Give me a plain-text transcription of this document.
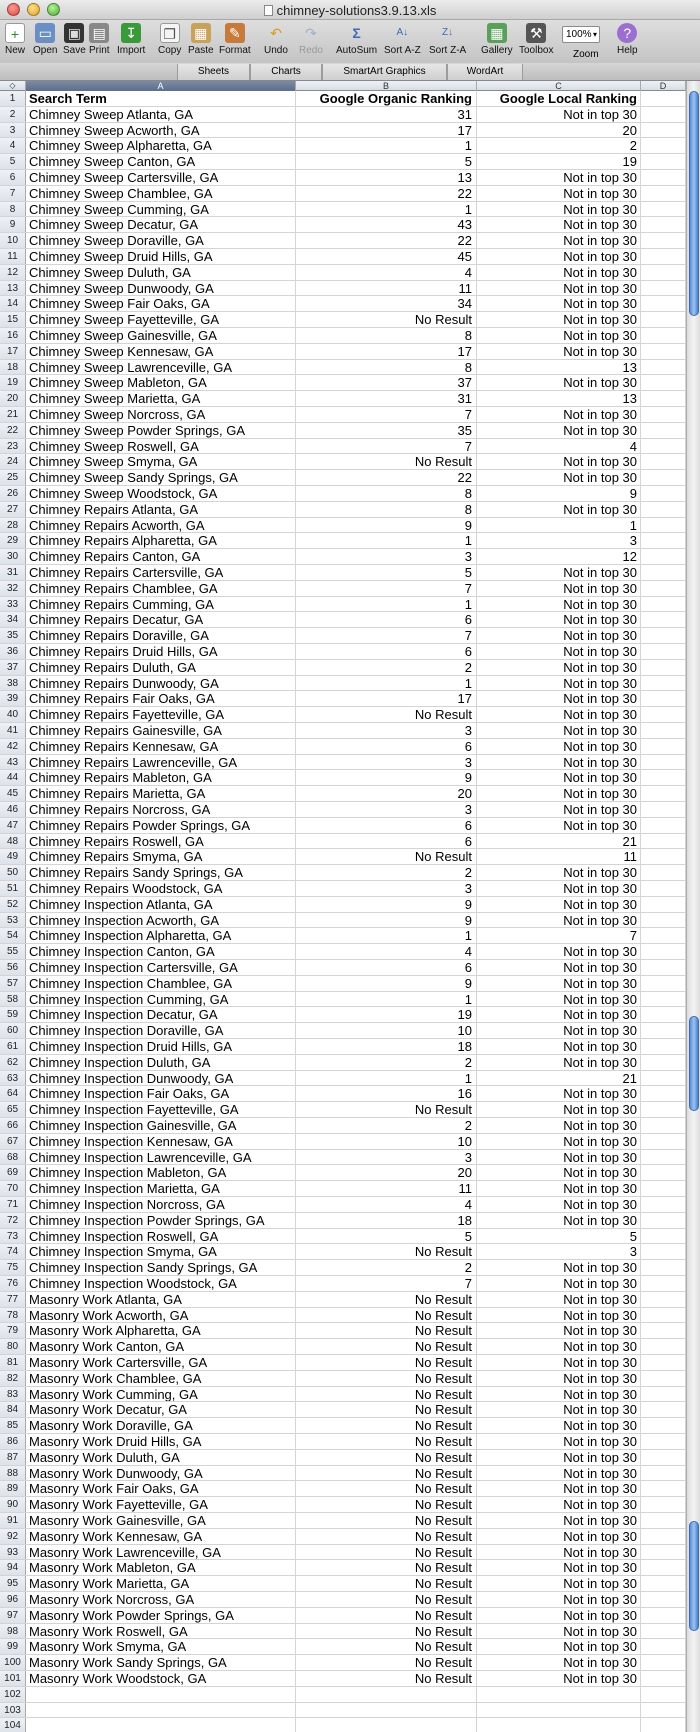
chimney-solutions3.9.13.xls
+
New
▭
Open
▣
Save
▤
Print
↧
Import
❐
Copy
▦
Paste
✎
Format
↶
Undo
↷
Redo
Σ
AutoSum
A↓
Sort A-Z
Z↓
Sort Z-A
▦
Gallery
⚒
Toolbox
100% ▾
Zoom
?
Help
Sheets	Charts	SmartArt Graphics	WordArt
◇	A	B	C	D
1	Search Term	Google Organic Ranking	Google Local Ranking
2	Chimney Sweep Atlanta, GA	31	Not in top 30
3	Chimney Sweep Acworth, GA	17	20
4	Chimney Sweep Alpharetta, GA	1	2
5	Chimney Sweep Canton, GA	5	19
6	Chimney Sweep Cartersville, GA	13	Not in top 30
7	Chimney Sweep Chamblee, GA	22	Not in top 30
8	Chimney Sweep Cumming, GA	1	Not in top 30
9	Chimney Sweep Decatur, GA	43	Not in top 30
10 Chimney Sweep Doraville, GA	22	Not in top 30
11 Chimney Sweep Druid Hills, GA	45	Not in top 30
12 Chimney Sweep Duluth, GA	4	Not in top 30
13 Chimney Sweep Dunwoody, GA	11	Not in top 30
14 Chimney Sweep Fair Oaks, GA	34	Not in top 30
15 Chimney Sweep Fayetteville, GA	No Result	Not in top 30
16 Chimney Sweep Gainesville, GA	8	Not in top 30
17 Chimney Sweep Kennesaw, GA	17	Not in top 30
18 Chimney Sweep Lawrenceville, GA	8	13
19 Chimney Sweep Mableton, GA	37	Not in top 30
20 Chimney Sweep Marietta, GA	31	13
21 Chimney Sweep Norcross, GA	7	Not in top 30
22 Chimney Sweep Powder Springs, GA	35	Not in top 30
23 Chimney Sweep Roswell, GA	7	4
24 Chimney Sweep Smyma, GA	No Result	Not in top 30
25 Chimney Sweep Sandy Springs, GA	22	Not in top 30
26 Chimney Sweep Woodstock, GA	8	9
27 Chimney Repairs Atlanta, GA	8	Not in top 30
28 Chimney Repairs Acworth, GA	9	1
29 Chimney Repairs Alpharetta, GA	1	3
30 Chimney Repairs Canton, GA	3	12
31 Chimney Repairs Cartersville, GA	5	Not in top 30
32 Chimney Repairs Chamblee, GA	7	Not in top 30
33 Chimney Repairs Cumming, GA	1	Not in top 30
34 Chimney Repairs Decatur, GA	6	Not in top 30
35 Chimney Repairs Doraville, GA	7	Not in top 30
36 Chimney Repairs Druid Hills, GA	6	Not in top 30
37 Chimney Repairs Duluth, GA	2	Not in top 30
38 Chimney Repairs Dunwoody, GA	1	Not in top 30
39 Chimney Repairs Fair Oaks, GA	17	Not in top 30
40 Chimney Repairs Fayetteville, GA	No Result	Not in top 30
41 Chimney Repairs Gainesville, GA	3	Not in top 30
42 Chimney Repairs Kennesaw, GA	6	Not in top 30
43 Chimney Repairs Lawrenceville, GA	3	Not in top 30
44 Chimney Repairs Mableton, GA	9	Not in top 30
45 Chimney Repairs Marietta, GA	20	Not in top 30
46 Chimney Repairs Norcross, GA	3	Not in top 30
47 Chimney Repairs Powder Springs, GA	6	Not in top 30
48 Chimney Repairs Roswell, GA	6	21
49 Chimney Repairs Smyma, GA	No Result	11
50 Chimney Repairs Sandy Springs, GA	2	Not in top 30
51 Chimney Repairs Woodstock, GA	3	Not in top 30
52 Chimney Inspection Atlanta, GA	9	Not in top 30
53 Chimney Inspection Acworth, GA	9	Not in top 30
54 Chimney Inspection Alpharetta, GA	1	7
55 Chimney Inspection Canton, GA	4	Not in top 30
56 Chimney Inspection Cartersville, GA	6	Not in top 30
57 Chimney Inspection Chamblee, GA	9	Not in top 30
58 Chimney Inspection Cumming, GA	1	Not in top 30
59 Chimney Inspection Decatur, GA	19	Not in top 30
60 Chimney Inspection Doraville, GA	10	Not in top 30
61 Chimney Inspection Druid Hills, GA	18	Not in top 30
62 Chimney Inspection Duluth, GA	2	Not in top 30
63 Chimney Inspection Dunwoody, GA	1	21
64 Chimney Inspection Fair Oaks, GA	16	Not in top 30
65 Chimney Inspection Fayetteville, GA	No Result	Not in top 30
66 Chimney Inspection Gainesville, GA	2	Not in top 30
67 Chimney Inspection Kennesaw, GA	10	Not in top 30
68 Chimney Inspection Lawrenceville, GA	3	Not in top 30
69 Chimney Inspection Mableton, GA	20	Not in top 30
70 Chimney Inspection Marietta, GA	11	Not in top 30
71 Chimney Inspection Norcross, GA	4	Not in top 30
72 Chimney Inspection Powder Springs, GA	18	Not in top 30
73 Chimney Inspection Roswell, GA	5	5
74 Chimney Inspection Smyma, GA	No Result	3
75 Chimney Inspection Sandy Springs, GA	2	Not in top 30
76 Chimney Inspection Woodstock, GA	7	Not in top 30
77 Masonry Work Atlanta, GA	No Result	Not in top 30
78 Masonry Work Acworth, GA	No Result	Not in top 30
79 Masonry Work Alpharetta, GA	No Result	Not in top 30
80 Masonry Work Canton, GA	No Result	Not in top 30
81 Masonry Work Cartersville, GA	No Result	Not in top 30
82 Masonry Work Chamblee, GA	No Result	Not in top 30
83 Masonry Work Cumming, GA	No Result	Not in top 30
84 Masonry Work Decatur, GA	No Result	Not in top 30
85 Masonry Work Doraville, GA	No Result	Not in top 30
86 Masonry Work Druid Hills, GA	No Result	Not in top 30
87 Masonry Work Duluth, GA	No Result	Not in top 30
88 Masonry Work Dunwoody, GA	No Result	Not in top 30
89 Masonry Work Fair Oaks, GA	No Result	Not in top 30
90 Masonry Work Fayetteville, GA	No Result	Not in top 30
91 Masonry Work Gainesville, GA	No Result	Not in top 30
92 Masonry Work Kennesaw, GA	No Result	Not in top 30
93 Masonry Work Lawrenceville, GA	No Result	Not in top 30
94 Masonry Work Mableton, GA	No Result	Not in top 30
95 Masonry Work Marietta, GA	No Result	Not in top 30
96 Masonry Work Norcross, GA	No Result	Not in top 30
97 Masonry Work Powder Springs, GA	No Result	Not in top 30
98 Masonry Work Roswell, GA	No Result	Not in top 30
99 Masonry Work Smyma, GA	No Result	Not in top 30
100 Masonry Work Sandy Springs, GA	No Result	Not in top 30
101 Masonry Work Woodstock, GA	No Result	Not in top 30
102
103
104
